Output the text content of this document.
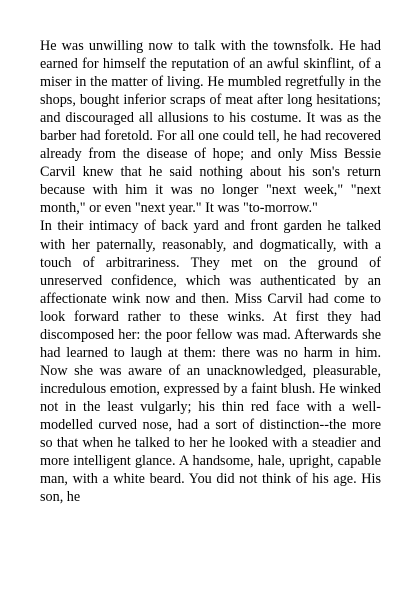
He was unwilling now to talk with the townsfolk. He had earned for himself the reputation of an awful skinflint, of a miser in the matter of living. He mumbled regretfully in the shops, bought inferior scraps of meat after long hesitations; and discouraged all allusions to his costume. It was as the barber had foretold. For all one could tell, he had recovered already from the disease of hope; and only Miss Bessie Carvil knew that he said nothing about his son's return because with him it was no longer "next week," "next month," or even "next year." It was "to-morrow."

In their intimacy of back yard and front garden he talked with her paternally, reasonably, and dogmatically, with a touch of arbitrariness. They met on the ground of unreserved confidence, which was authenticated by an affectionate wink now and then. Miss Carvil had come to look forward rather to these winks. At first they had discomposed her: the poor fellow was mad. Afterwards she had learned to laugh at them: there was no harm in him. Now she was aware of an unacknowledged, pleasurable, incredulous emotion, expressed by a faint blush. He winked not in the least vulgarly; his thin red face with a well-modelled curved nose, had a sort of distinction--the more so that when he talked to her he looked with a steadier and more intelligent glance. A handsome, hale, upright, capable man, with a white beard. You did not think of his age. His son, he
